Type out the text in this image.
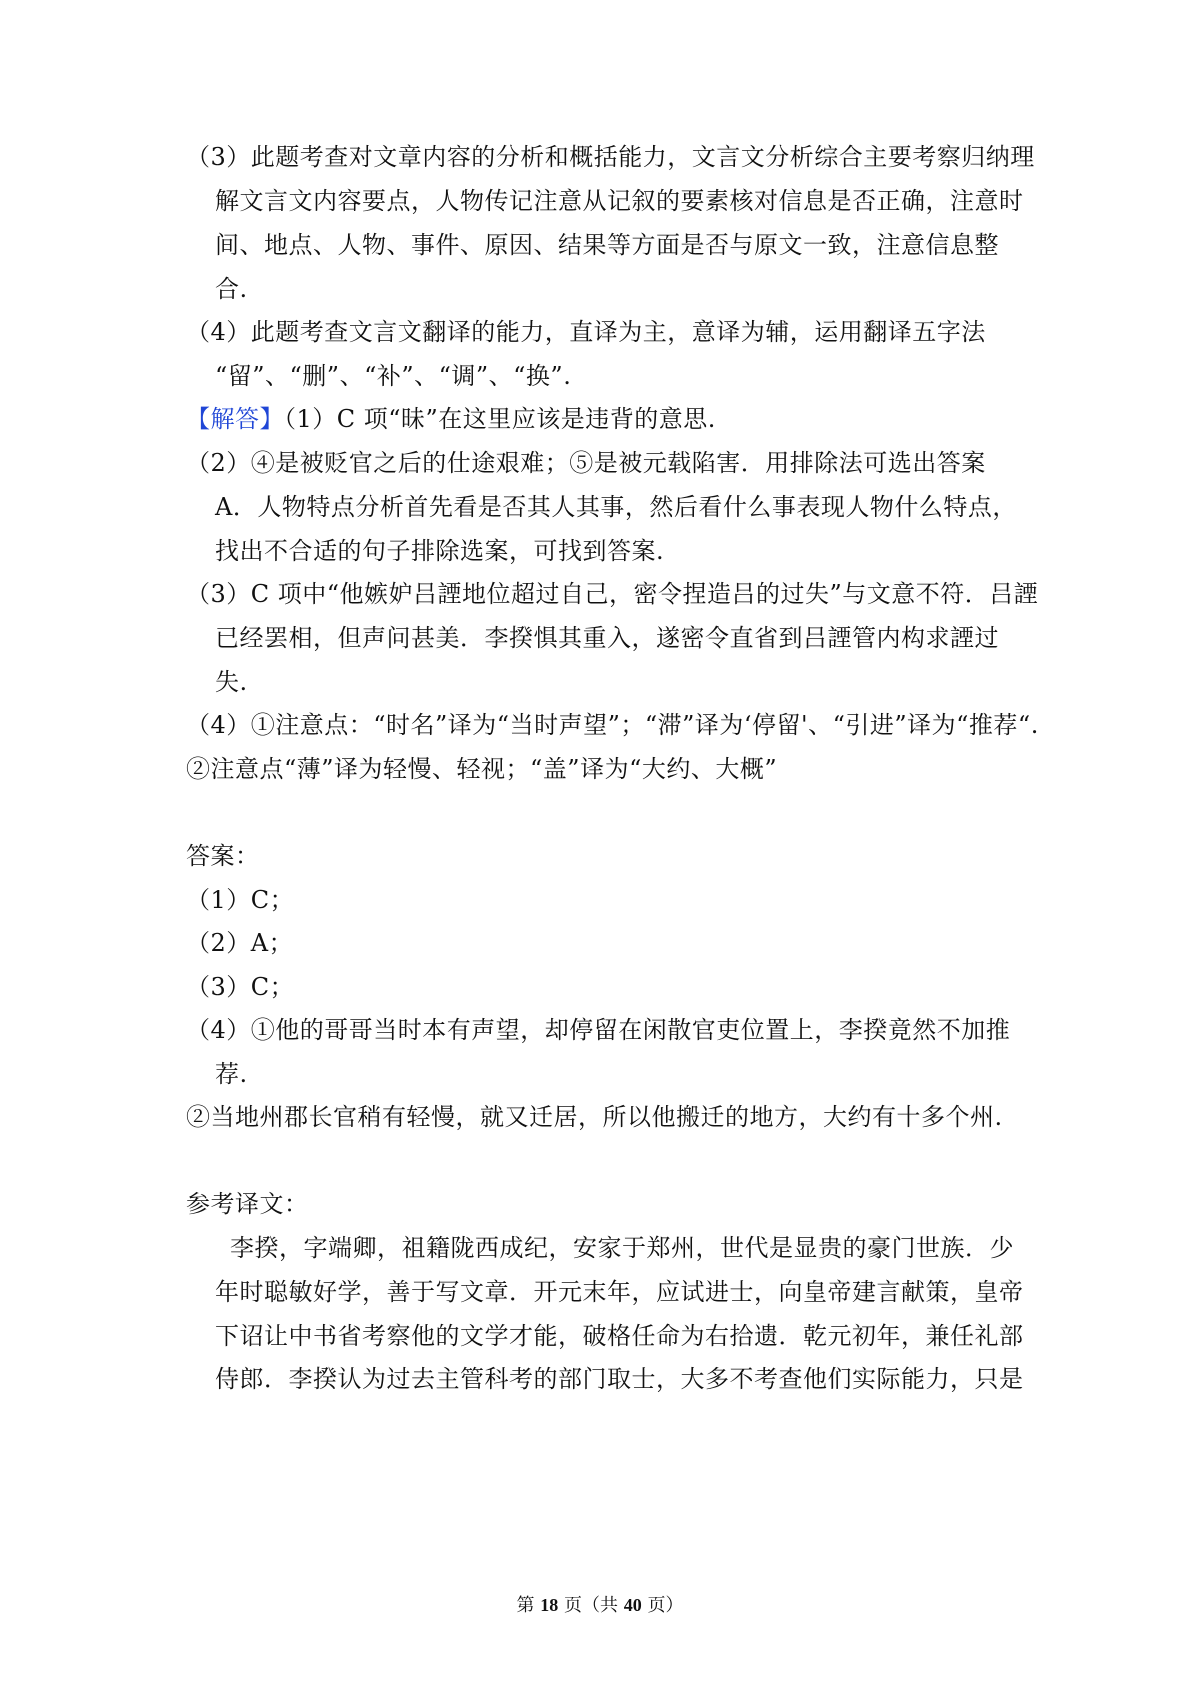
（3）此题考查对文章内容的分析和概括能力，文言文分析综合主要考察归纳理
解文言文内容要点，人物传记注意从记叙的要素核对信息是否正确，注意时
间、地点、人物、事件、原因、结果等方面是否与原文一致，注意信息整
合.
（4）此题考查文言文翻译的能力，直译为主，意译为辅，运用翻译五字法
“留”、“删”、“补”、“调”、“换”.
【解答】（1）C 项“昧”在这里应该是违背的意思.
（2）④是被贬官之后的仕途艰难；⑤是被元载陷害．用排除法可选出答案
A．人物特点分析首先看是否其人其事，然后看什么事表现人物什么特点，
找出不合适的句子排除选案，可找到答案.
（3）C 项中“他嫉妒吕諲地位超过自己，密令捏造吕的过失”与文意不符．吕諲
已经罢相，但声问甚美．李揆惧其重入，遂密令直省到吕諲管内构求諲过
失.
（4）①注意点：“时名”译为“当时声望”；“滞”译为‘停留'、“引进”译为“推荐“.
②注意点“薄”译为轻慢、轻视；“盖”译为“大约、大概”
答案：
（1）C；
（2）A；
（3）C；
（4）①他的哥哥当时本有声望，却停留在闲散官吏位置上，李揆竟然不加推
荐.
②当地州郡长官稍有轻慢，就又迁居，所以他搬迁的地方，大约有十多个州.
参考译文：
李揆，字端卿，祖籍陇西成纪，安家于郑州，世代是显贵的豪门世族．少
年时聪敏好学，善于写文章．开元末年，应试进士，向皇帝建言献策，皇帝
下诏让中书省考察他的文学才能，破格任命为右拾遗．乾元初年，兼任礼部
侍郎．李揆认为过去主管科考的部门取士，大多不考查他们实际能力，只是
第 18 页（共 40 页）
